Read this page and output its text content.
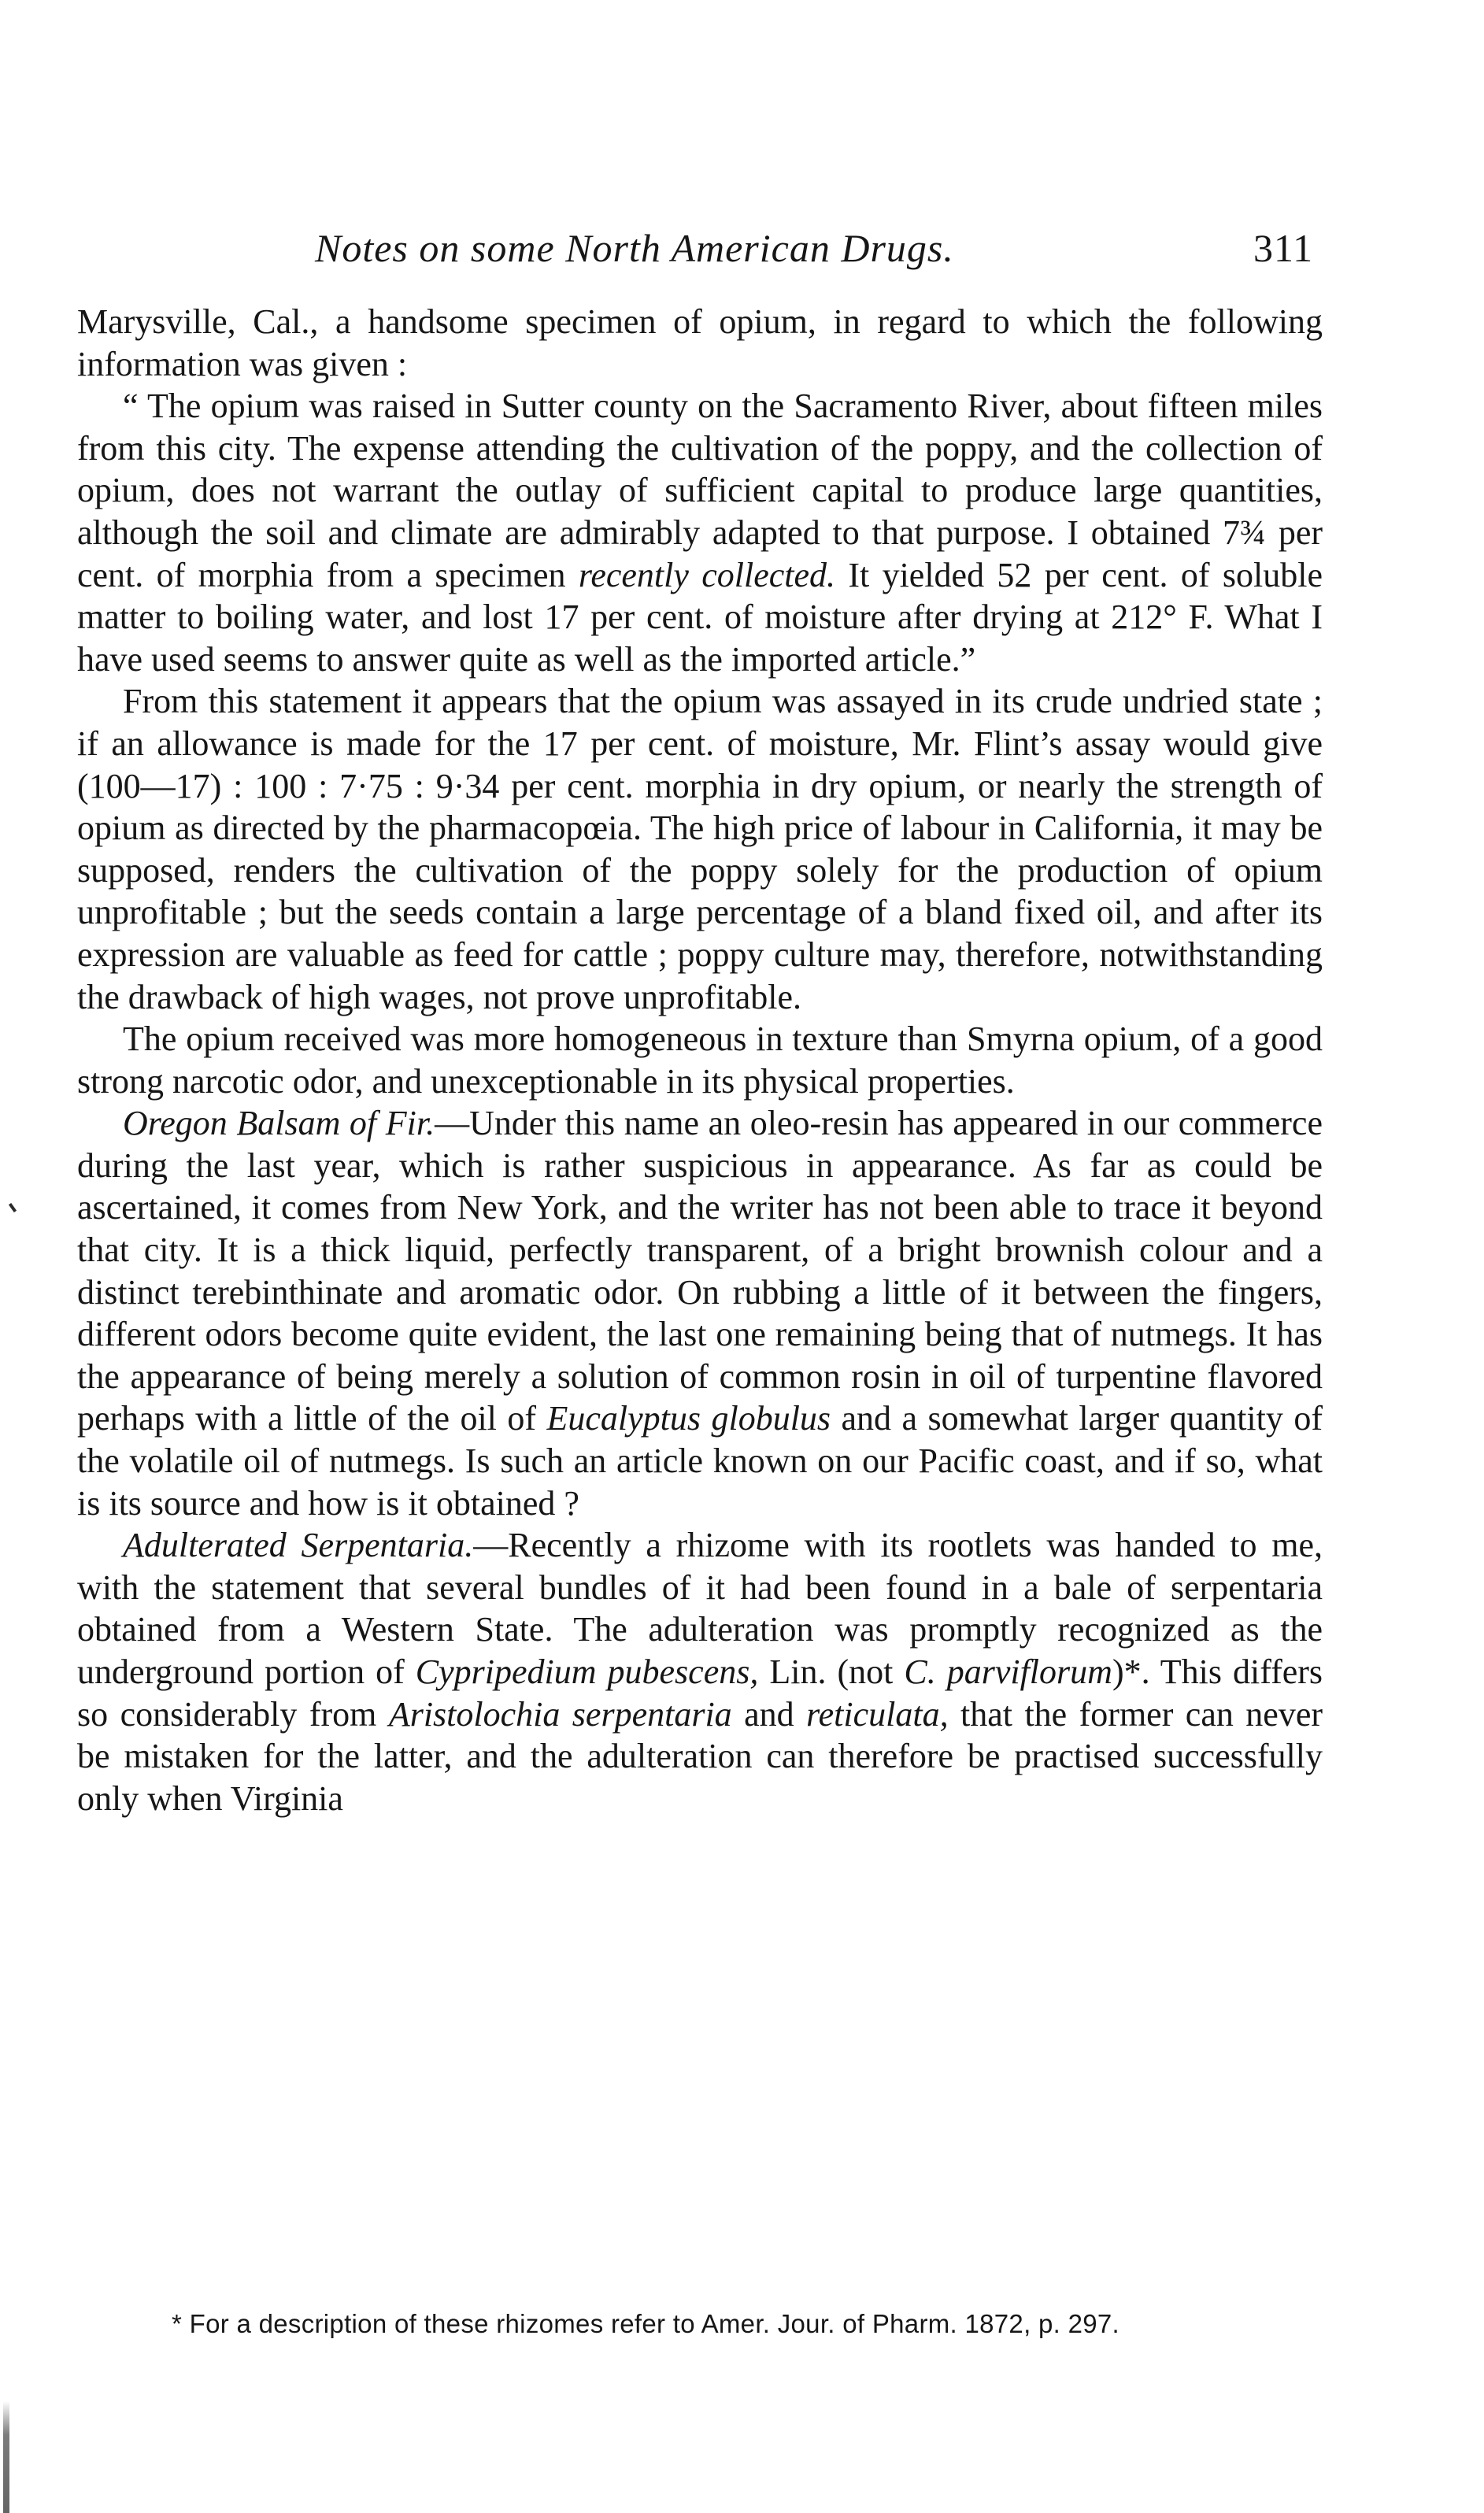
Notes on some North American Drugs.	311

Marysville, Cal., a handsome specimen of opium, in regard to which the following information was given :

“ The opium was raised in Sutter county on the Sacramento River, about fifteen miles from this city. The expense attending the cultivation of the poppy, and the collection of opium, does not warrant the outlay of sufficient capital to produce large quantities, although the soil and climate are admirably adapted to that purpose. I obtained 7¾ per cent. of morphia from a specimen recently collected. It yielded 52 per cent. of soluble matter to boiling water, and lost 17 per cent. of moisture after drying at 212° F. What I have used seems to answer quite as well as the imported article.”

From this statement it appears that the opium was assayed in its crude undried state ; if an allowance is made for the 17 per cent. of moisture, Mr. Flint’s assay would give (100—17) : 100 : 7·75 : 9·34 per cent. morphia in dry opium, or nearly the strength of opium as directed by the pharmacopœia. The high price of labour in California, it may be supposed, renders the cultivation of the poppy solely for the production of opium unprofitable ; but the seeds contain a large percentage of a bland fixed oil, and after its expression are valuable as feed for cattle ; poppy culture may, therefore, notwithstanding the drawback of high wages, not prove unprofitable.

The opium received was more homogeneous in texture than Smyrna opium, of a good strong narcotic odor, and unexceptionable in its physical properties.

Oregon Balsam of Fir.—Under this name an oleo-resin has appeared in our commerce during the last year, which is rather suspicious in appearance. As far as could be ascertained, it comes from New York, and the writer has not been able to trace it beyond that city. It is a thick liquid, perfectly transparent, of a bright brownish colour and a distinct terebinthinate and aromatic odor. On rubbing a little of it between the fingers, different odors become quite evident, the last one remaining being that of nutmegs. It has the appearance of being merely a solution of common rosin in oil of turpentine flavored perhaps with a little of the oil of Eucalyptus globulus and a somewhat larger quantity of the volatile oil of nutmegs. Is such an article known on our Pacific coast, and if so, what is its source and how is it obtained ?

Adulterated Serpentaria.—Recently a rhizome with its rootlets was handed to me, with the statement that several bundles of it had been found in a bale of serpentaria obtained from a Western State. The adulteration was promptly recognized as the underground portion of Cypripedium pubescens, Lin. (not C. parviflorum)*. This differs so considerably from Aristolochia serpentaria and reticulata, that the former can never be mistaken for the latter, and the adulteration can therefore be practised successfully only when Virginia

* For a description of these rhizomes refer to Amer. Jour. of Pharm. 1872, p. 297.
